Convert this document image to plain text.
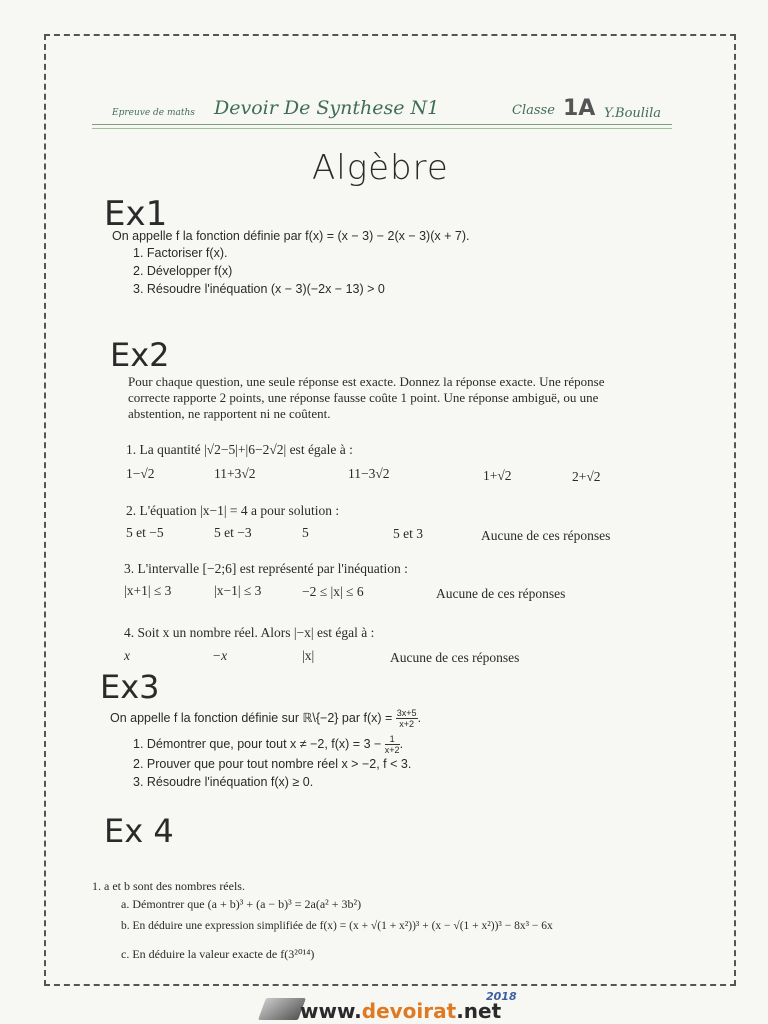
Epreuve de maths Devoir De Synthese N1	Classe 1A Y.Boulila
Algèbre
Ex1
On appelle f la fonction définie par f(x) = (x − 3) − 2(x − 3)(x + 7).
1. Factoriser f(x).
2. Développer f(x)
3. Résoudre l'inéquation (x − 3)(−2x − 13) > 0
Ex2
Pour chaque question, une seule réponse est exacte. Donnez la réponse exacte. Une réponse
correcte rapporte 2 points, une réponse fausse coûte 1 point. Une réponse ambiguë, ou une
abstention, ne rapportent ni ne coûtent.
1. La quantité |√2−5|+|6−2√2| est égale à :
1−√2	11+3√2	11−3√2	1+√2	2+√2
2. L'équation |x−1| = 4 a pour solution :
5 et −5	5 et −3	5	5 et 3	Aucune de ces réponses
3. L'intervalle [−2;6] est représenté par l'inéquation :
|x+1| ≤ 3	|x−1| ≤ 3	−2 ≤ |x| ≤ 6	Aucune de ces réponses
4. Soit x un nombre réel. Alors |−x| est égal à :
x	−x	|x|	Aucune de ces réponses
Ex3
On appelle f la fonction définie sur ℝ\{−2} par $f(x) = \frac{3x+5}{x+2}$ .
1. Démontrer que, pour tout x ≠ −2, $f(x) = 3 - \frac{1}{x+2}$ .
2. Prouver que pour tout nombre réel x > −2, f < 3.
3. Résoudre l'inéquation f(x) ≥ 0.
Ex 4
1. a et b sont des nombres réels.
a. Démontrer que (a + b)³ + (a − b)³ = 2a(a² + 3b²)
b. En déduire une expression simplifiée de f(x) = (x + √(1 + x²))³ + (x − √(1 + x²))³ − 8x³ − 6x
c. En déduire la valeur exacte de f(3²⁰¹⁴)
www.devoirat.net
2018
